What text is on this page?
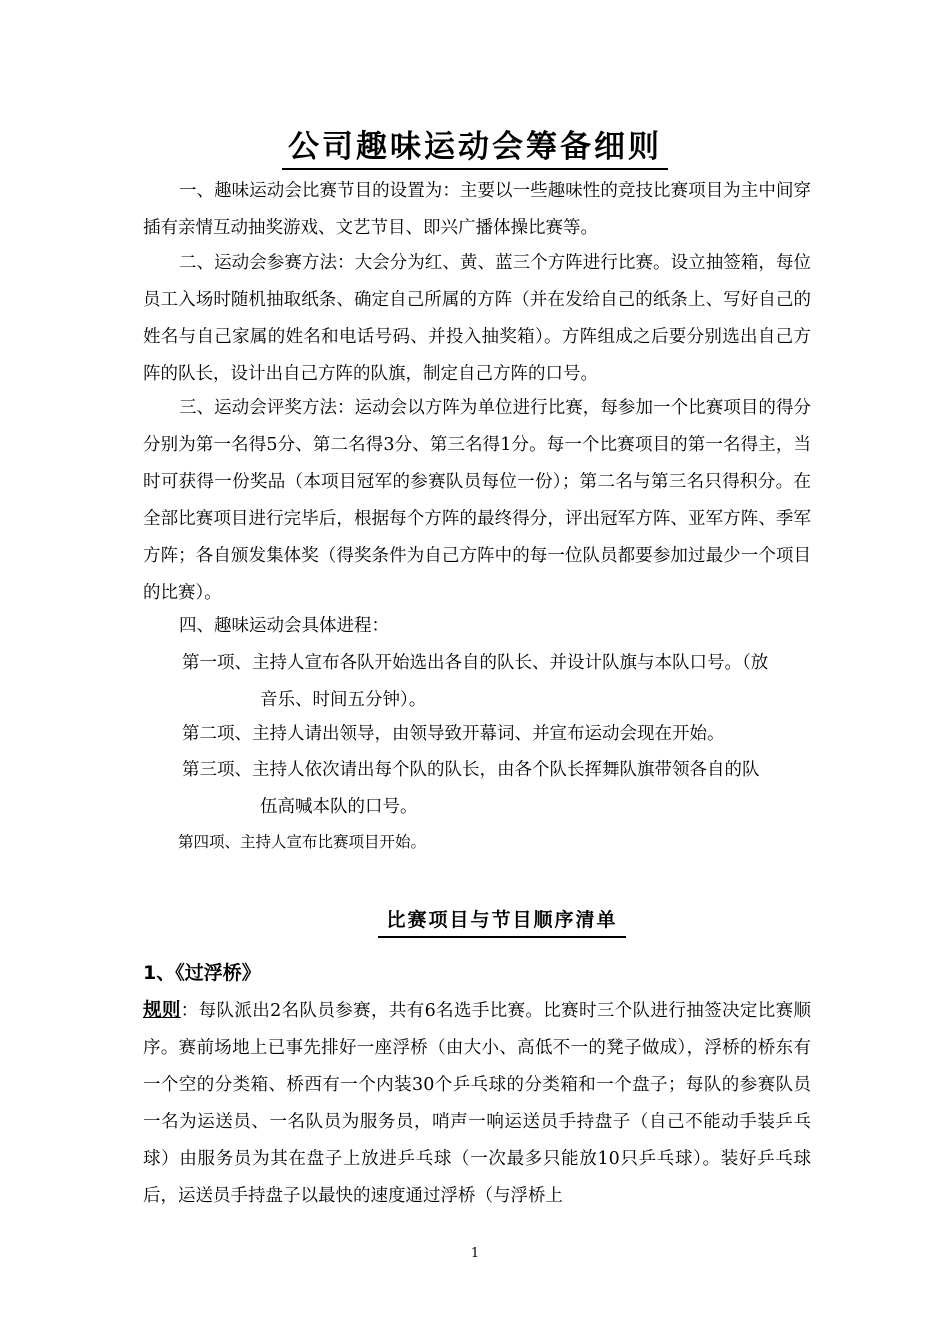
公司趣味运动会筹备细则

一、趣味运动会比赛节目的设置为：主要以一些趣味性的竞技比赛项目为主中间穿插有亲情互动抽奖游戏、文艺节目、即兴广播体操比赛等。

二、运动会参赛方法：大会分为红、黄、蓝三个方阵进行比赛。设立抽签箱，每位员工入场时随机抽取纸条、确定自己所属的方阵（并在发给自己的纸条上、写好自己的姓名与自己家属的姓名和电话号码、并投入抽奖箱）。方阵组成之后要分别选出自己方阵的队长，设计出自己方阵的队旗，制定自己方阵的口号。

三、运动会评奖方法：运动会以方阵为单位进行比赛，每参加一个比赛项目的得分分别为第一名得5分、第二名得3分、第三名得1分。每一个比赛项目的第一名得主，当时可获得一份奖品（本项目冠军的参赛队员每位一份）；第二名与第三名只得积分。在全部比赛项目进行完毕后，根据每个方阵的最终得分，评出冠军方阵、亚军方阵、季军方阵；各自颁发集体奖（得奖条件为自己方阵中的每一位队员都要参加过最少一个项目的比赛）。

四、趣味运动会具体进程：

第一项、主持人宣布各队开始选出各自的队长、并设计队旗与本队口号。（放
音乐、时间五分钟）。

第二项、主持人请出领导，由领导致开幕词、并宣布运动会现在开始。

第三项、主持人依次请出每个队的队长，由各个队长挥舞队旗带领各自的队
伍高喊本队的口号。

第四项、主持人宣布比赛项目开始。

比赛项目与节目顺序清单

1、《过浮桥》

规则：每队派出2名队员参赛，共有6名选手比赛。比赛时三个队进行抽签决定比赛顺序。赛前场地上已事先排好一座浮桥（由大小、高低不一的凳子做成），浮桥的桥东有一个空的分类箱、桥西有一个内装30个乒乓球的分类箱和一个盘子；每队的参赛队员一名为运送员、一名队员为服务员，哨声一响运送员手持盘子（自己不能动手装乒乓球）由服务员为其在盘子上放进乒乓球（一次最多只能放10只乒乓球）。装好乒乓球后，运送员手持盘子以最快的速度通过浮桥（与浮桥上

1
